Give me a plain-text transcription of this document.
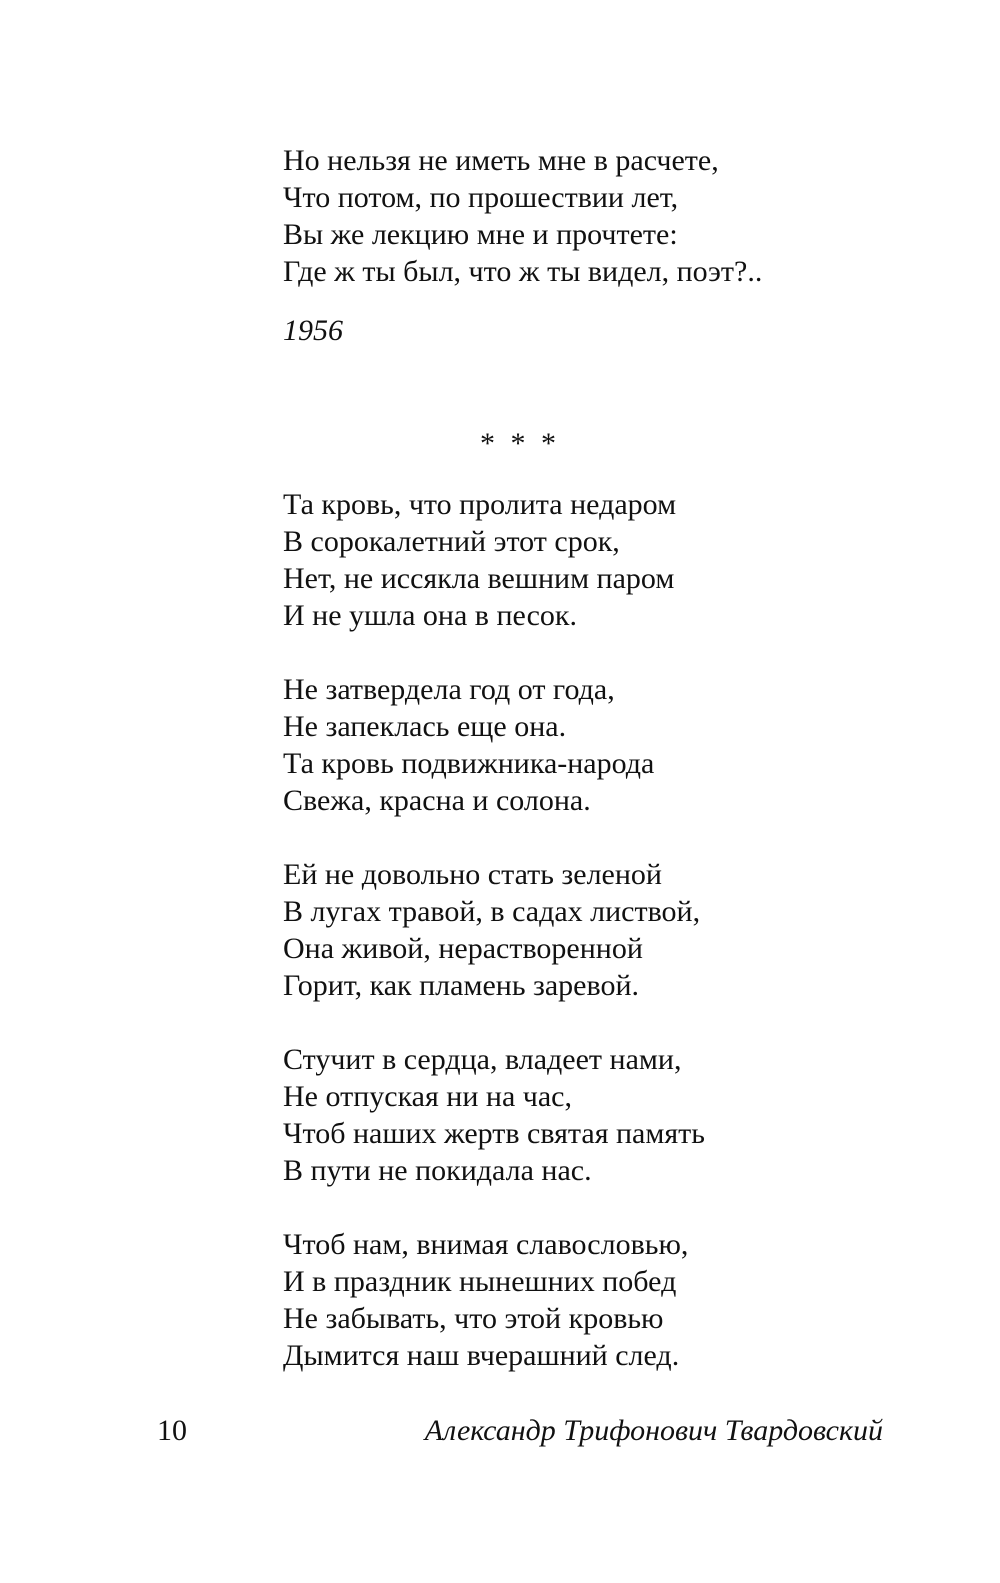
Но нельзя не иметь мне в расчете,
Что потом, по прошествии лет,
Вы же лекцию мне и прочтете:
Где ж ты был, что ж ты видел, поэт?..
1956
* * *
Та кровь, что пролита недаром
В сорокалетний этот срок,
Нет, не иссякла вешним паром
И не ушла она в песок.
Не затвердела год от года,
Не запеклась еще она.
Та кровь подвижника-народа
Свежа, красна и солона.
Ей не довольно стать зеленой
В лугах травой, в садах листвой,
Она живой, нерастворенной
Горит, как пламень заревой.
Стучит в сердца, владеет нами,
Не отпуская ни на час,
Чтоб наших жертв святая память
В пути не покидала нас.
Чтоб нам, внимая славословью,
И в праздник нынешних побед
Не забывать, что этой кровью
Дымится наш вчерашний след.
10	Александр Трифонович Твардовский
